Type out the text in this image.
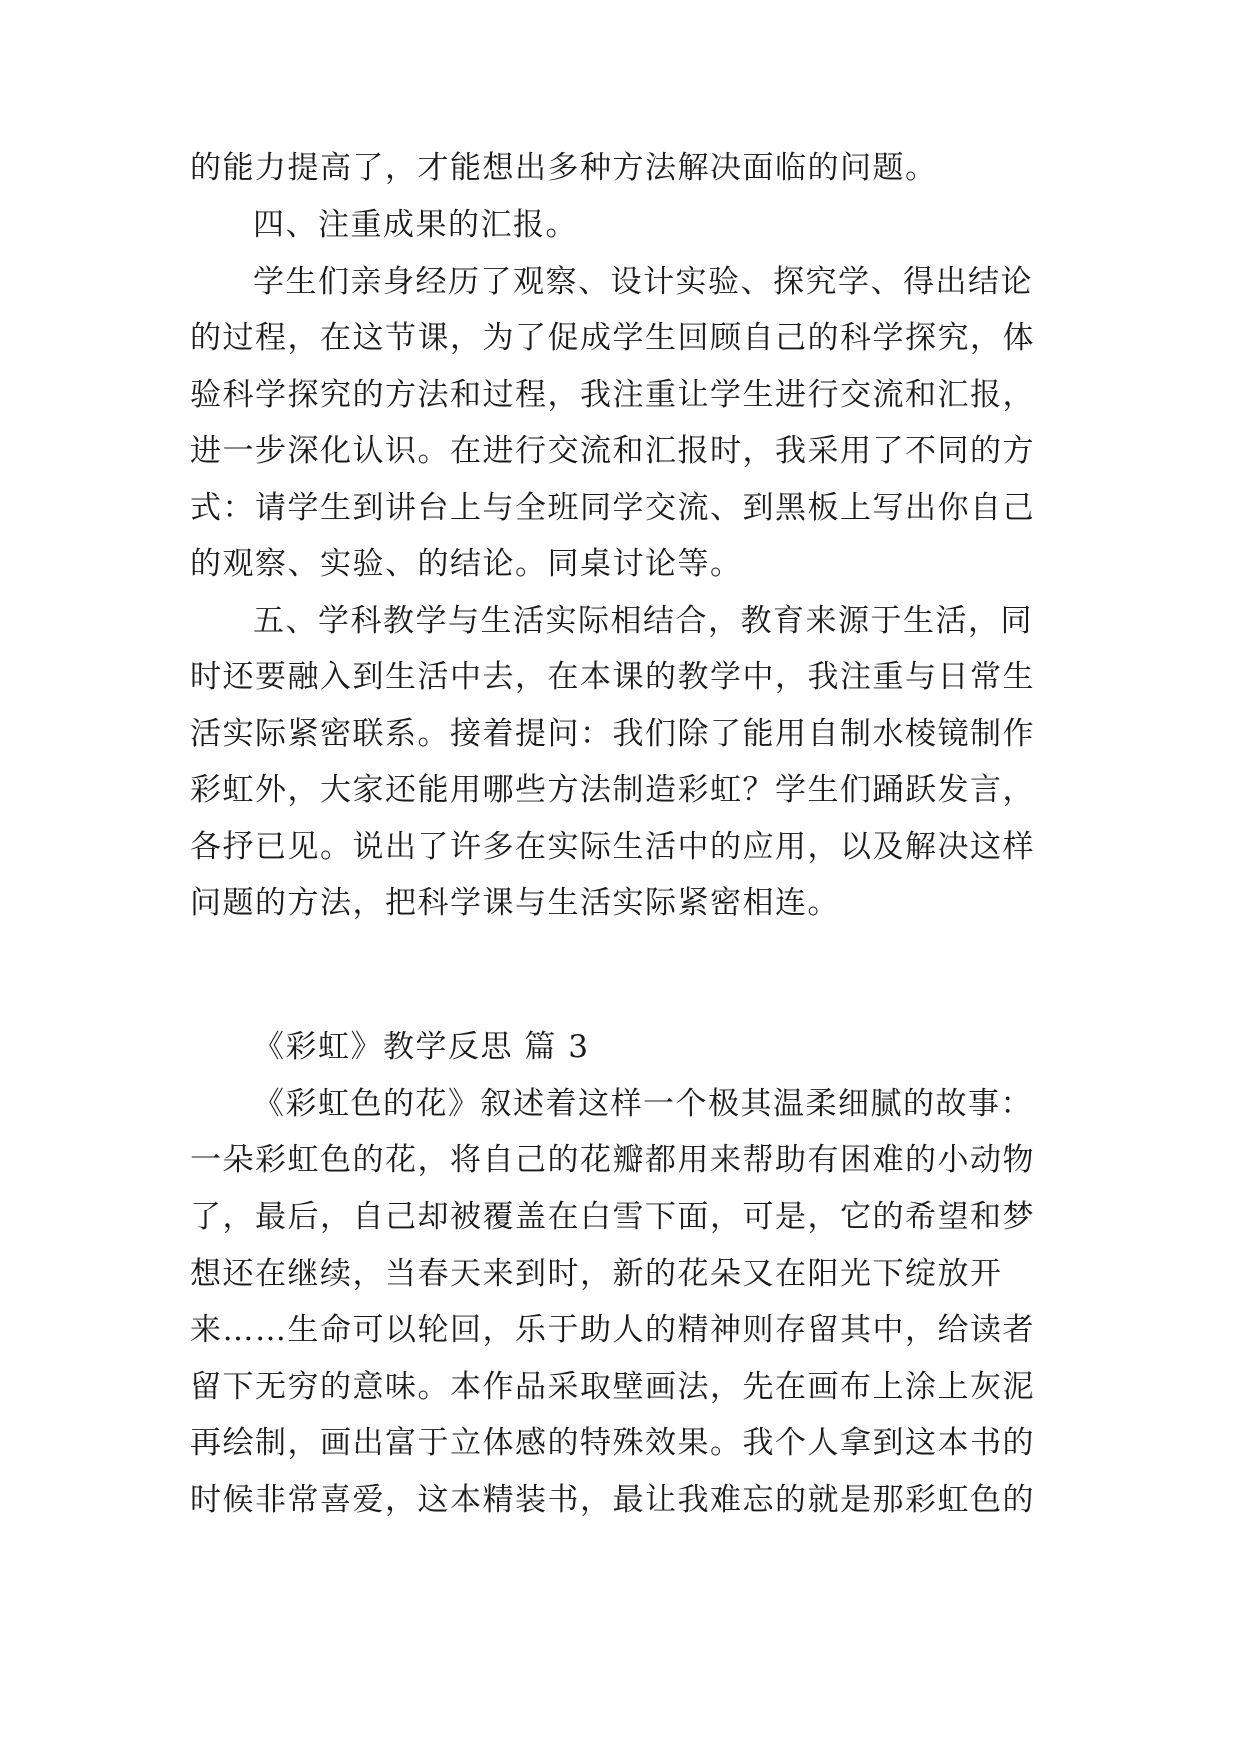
的能力提高了，才能想出多种方法解决面临的问题。
四、注重成果的汇报。
学生们亲身经历了观察、设计实验、探究学、得出结论
的过程，在这节课，为了促成学生回顾自己的科学探究，体
验科学探究的方法和过程，我注重让学生进行交流和汇报，
进一步深化认识。在进行交流和汇报时，我采用了不同的方
式：请学生到讲台上与全班同学交流、到黑板上写出你自己
的观察、实验、的结论。同桌讨论等。
五、学科教学与生活实际相结合，教育来源于生活，同
时还要融入到生活中去，在本课的教学中，我注重与日常生
活实际紧密联系。接着提问：我们除了能用自制水棱镜制作
彩虹外，大家还能用哪些方法制造彩虹？学生们踊跃发言，
各抒已见。说出了许多在实际生活中的应用，以及解决这样
问题的方法，把科学课与生活实际紧密相连。
《彩虹》教学反思 篇 3
《彩虹色的花》叙述着这样一个极其温柔细腻的故事：
一朵彩虹色的花，将自己的花瓣都用来帮助有困难的小动物
了，最后，自己却被覆盖在白雪下面，可是，它的希望和梦
想还在继续，当春天来到时，新的花朵又在阳光下绽放开
来……生命可以轮回，乐于助人的精神则存留其中，给读者
留下无穷的意味。本作品采取壁画法，先在画布上涂上灰泥
再绘制，画出富于立体感的特殊效果。我个人拿到这本书的
时候非常喜爱，这本精装书，最让我难忘的就是那彩虹色的
